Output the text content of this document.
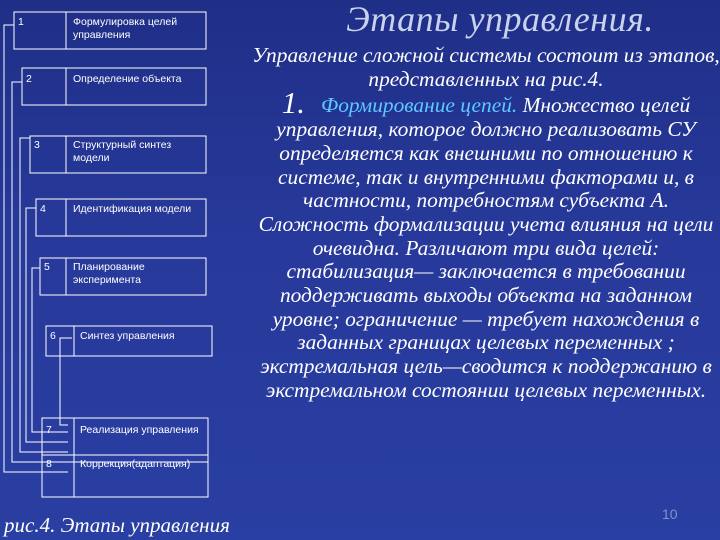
1	Формулировка целей управления
2	Определение объекта
3	Структурный синтез модели
4	Идентификация модели
5 Планирование эксперимента
6 Синтез управления
7	Реализация управления
8	Коррекция(адаптация)
Этапы управления.
Управление сложной системы состоит из этапов, представленных на рис.4.
1. Формирование цепей. Множество целей управления, которое должно реализовать СУ определяется как внешними по отношению к системе, так и внутренними факторами и, в частности, потребностям субъекта А. Сложность формализации учета влияния на цели очевидна. Различают три вида целей: стабилизация— заключается в требовании поддерживать выходы объекта на заданном уровне; ограничение — требует нахождения в заданных границах целевых переменных ; экстремальная цель—сводится к поддержанию в экстремальном состоянии целевых переменных.
рис.4. Этапы управления	10
